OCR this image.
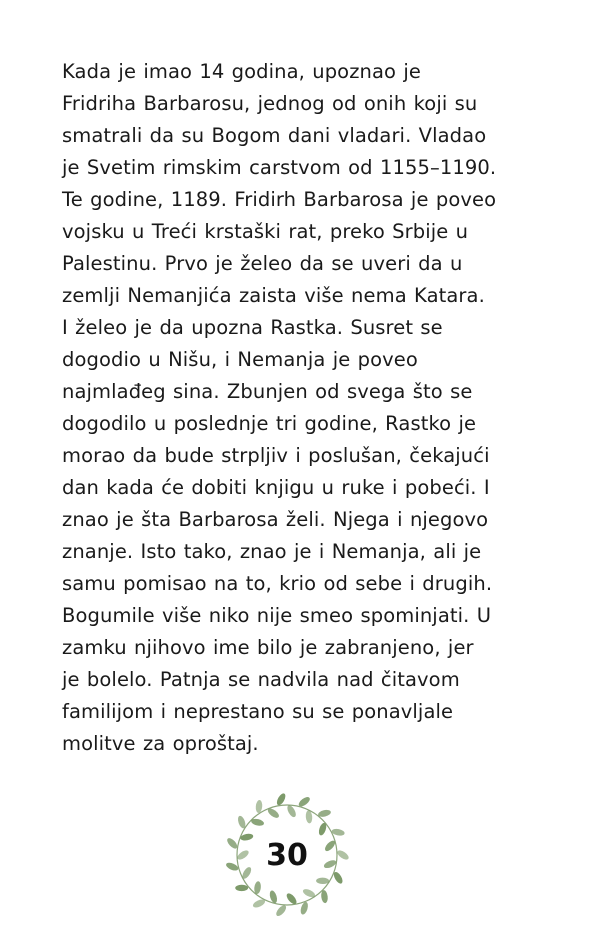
Kada je imao 14 godina, upoznao je
Fridriha Barbarosu, jednog od onih koji su
smatrali da su Bogom dani vladari. Vladao
je Svetim rimskim carstvom od 1155–1190.
Te godine, 1189. Fridirh Barbarosa je poveo
vojsku u Treći krstaški rat, preko Srbije u
Palestinu. Prvo je želeo da se uveri da u
zemlji Nemanjića zaista više nema Katara.
I želeo je da upozna Rastka. Susret se
dogodio u Nišu, i Nemanja je poveo
najmlađeg sina. Zbunjen od svega što se
dogodilo u poslednje tri godine, Rastko je
morao da bude strpljiv i poslušan, čekajući
dan kada će dobiti knjigu u ruke i pobeći. I
znao je šta Barbarosa želi. Njega i njegovo
znanje. Isto tako, znao je i Nemanja, ali je
samu pomisao na to, krio od sebe i drugih.
Bogumile više niko nije smeo spominjati. U
zamku njihovo ime bilo je zabranjeno, jer
je bolelo. Patnja se nadvila nad čitavom
familijom i neprestano su se ponavljale
molitve za oproštaj.
30
